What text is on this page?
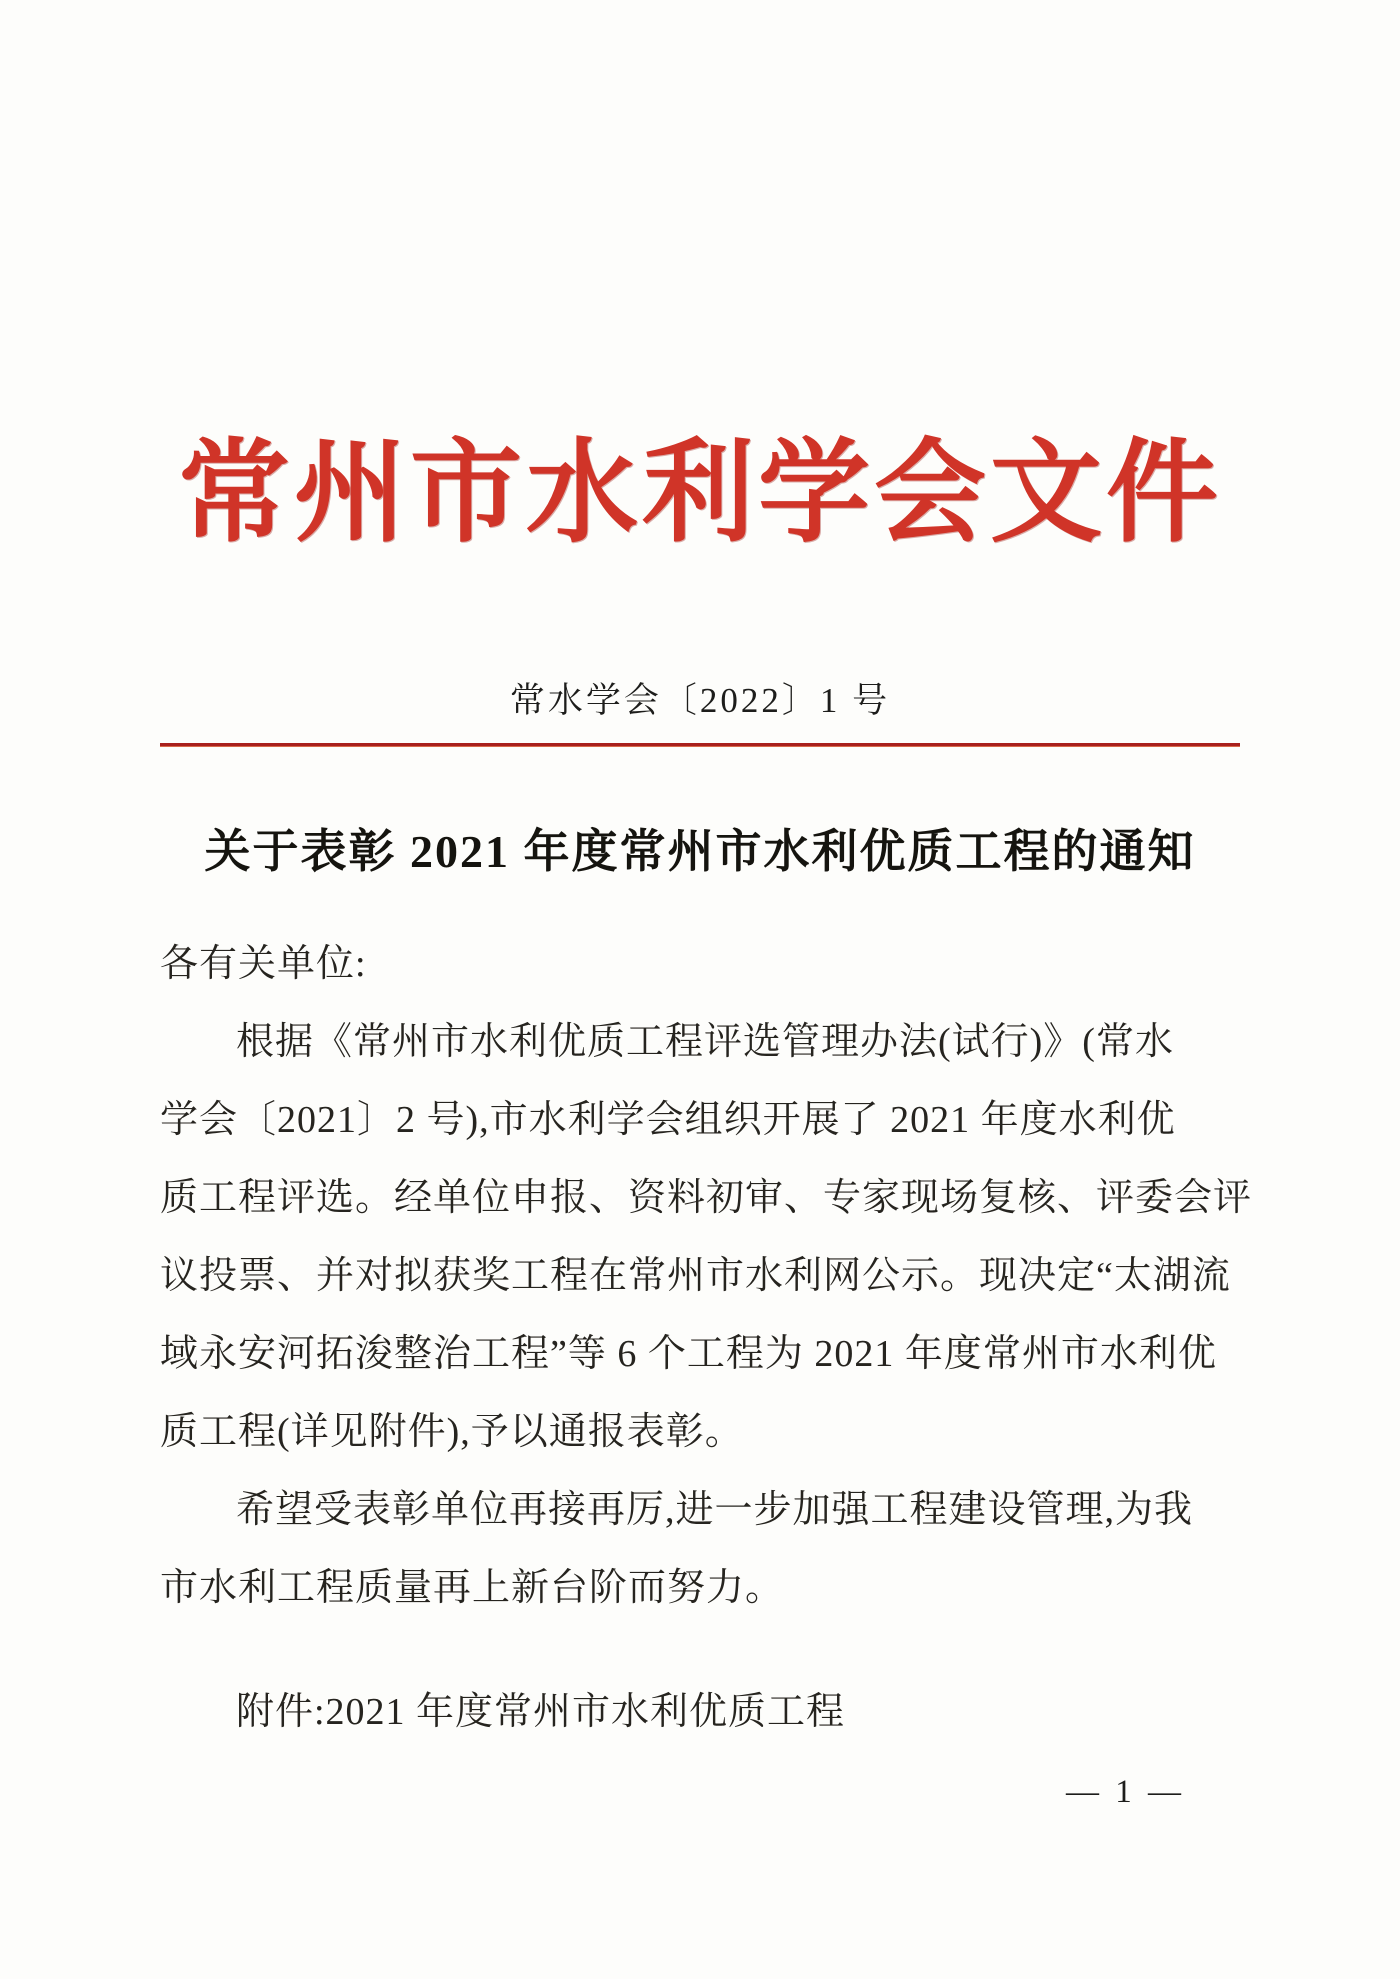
常州市水利学会文件
常水学会〔2022〕1 号
关于表彰 2021 年度常州市水利优质工程的通知

各有关单位:

根据《常州市水利优质工程评选管理办法(试行)》(常水

学会〔2021〕2 号),市水利学会组织开展了 2021 年度水利优

质工程评选。经单位申报、资料初审、专家现场复核、评委会评

议投票、并对拟获奖工程在常州市水利网公示。现决定“太湖流

域永安河拓浚整治工程”等 6 个工程为 2021 年度常州市水利优

质工程(详见附件),予以通报表彰。

希望受表彰单位再接再厉,进一步加强工程建设管理,为我

市水利工程质量再上新台阶而努力。

附件:2021 年度常州市水利优质工程
— 1 —
